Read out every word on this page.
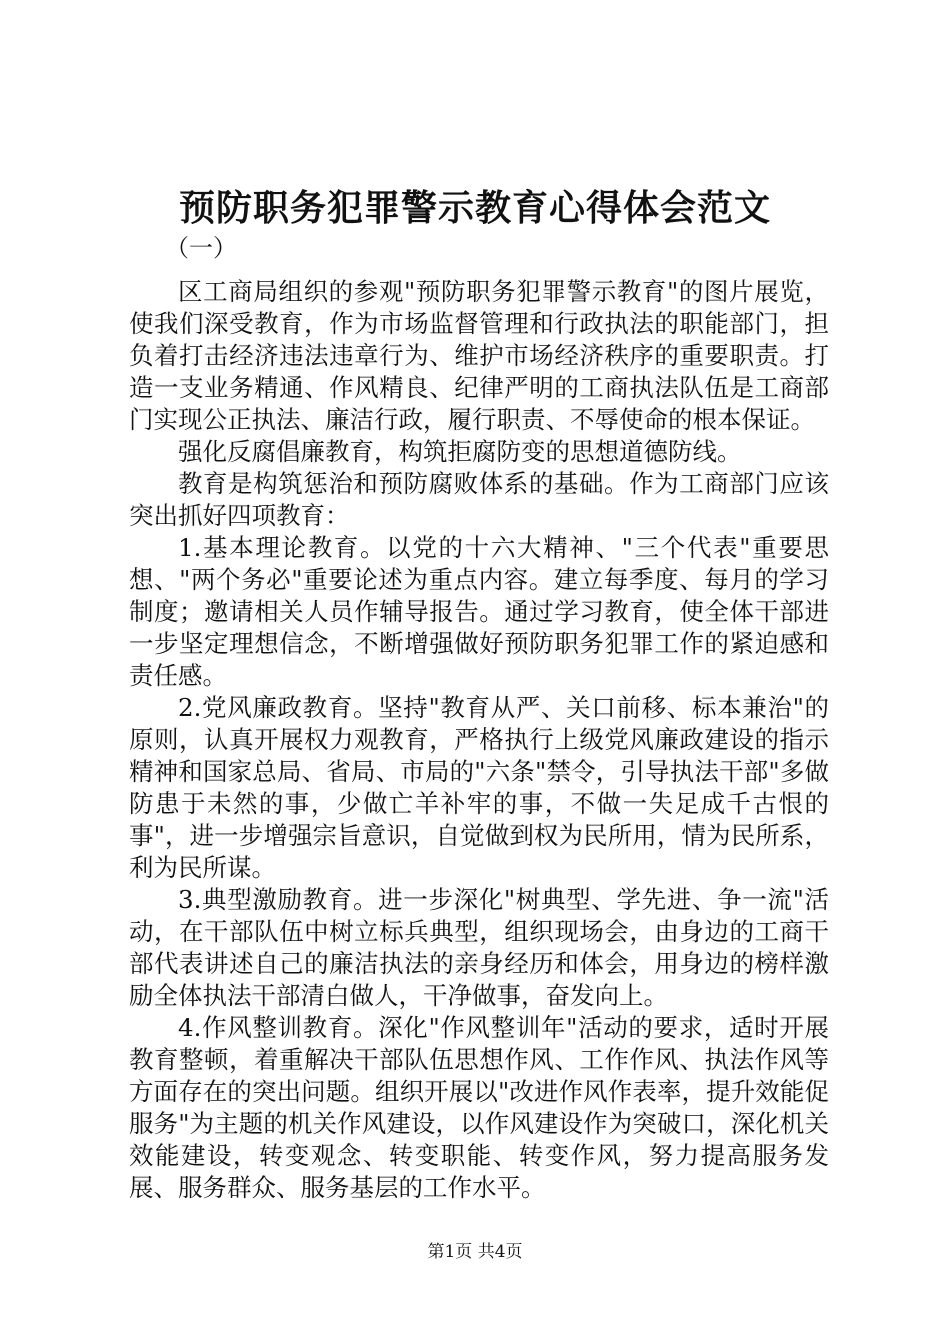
预防职务犯罪警示教育心得体会范文
（一）

区工商局组织的参观"预防职务犯罪警示教育"的图片展览，使我们深受教育，作为市场监督管理和行政执法的职能部门，担负着打击经济违法违章行为、维护市场经济秩序的重要职责。打造一支业务精通、作风精良、纪律严明的工商执法队伍是工商部门实现公正执法、廉洁行政，履行职责、不辱使命的根本保证。

强化反腐倡廉教育，构筑拒腐防变的思想道德防线。

教育是构筑惩治和预防腐败体系的基础。作为工商部门应该突出抓好四项教育：

1.基本理论教育。以党的十六大精神、"三个代表"重要思想、"两个务必"重要论述为重点内容。建立每季度、每月的学习制度；邀请相关人员作辅导报告。通过学习教育，使全体干部进一步坚定理想信念，不断增强做好预防职务犯罪工作的紧迫感和责任感。

2.党风廉政教育。坚持"教育从严、关口前移、标本兼治"的原则，认真开展权力观教育，严格执行上级党风廉政建设的指示精神和国家总局、省局、市局的"六条"禁令，引导执法干部"多做防患于未然的事，少做亡羊补牢的事，不做一失足成千古恨的事"，进一步增强宗旨意识，自觉做到权为民所用，情为民所系，利为民所谋。

3.典型激励教育。进一步深化"树典型、学先进、争一流"活动，在干部队伍中树立标兵典型，组织现场会，由身边的工商干部代表讲述自己的廉洁执法的亲身经历和体会，用身边的榜样激励全体执法干部清白做人，干净做事，奋发向上。

4.作风整训教育。深化"作风整训年"活动的要求，适时开展教育整顿，着重解决干部队伍思想作风、工作作风、执法作风等方面存在的突出问题。组织开展以"改进作风作表率，提升效能促服务"为主题的机关作风建设，以作风建设作为突破口，深化机关效能建设，转变观念、转变职能、转变作风，努力提高服务发展、服务群众、服务基层的工作水平。

第1页 共4页
